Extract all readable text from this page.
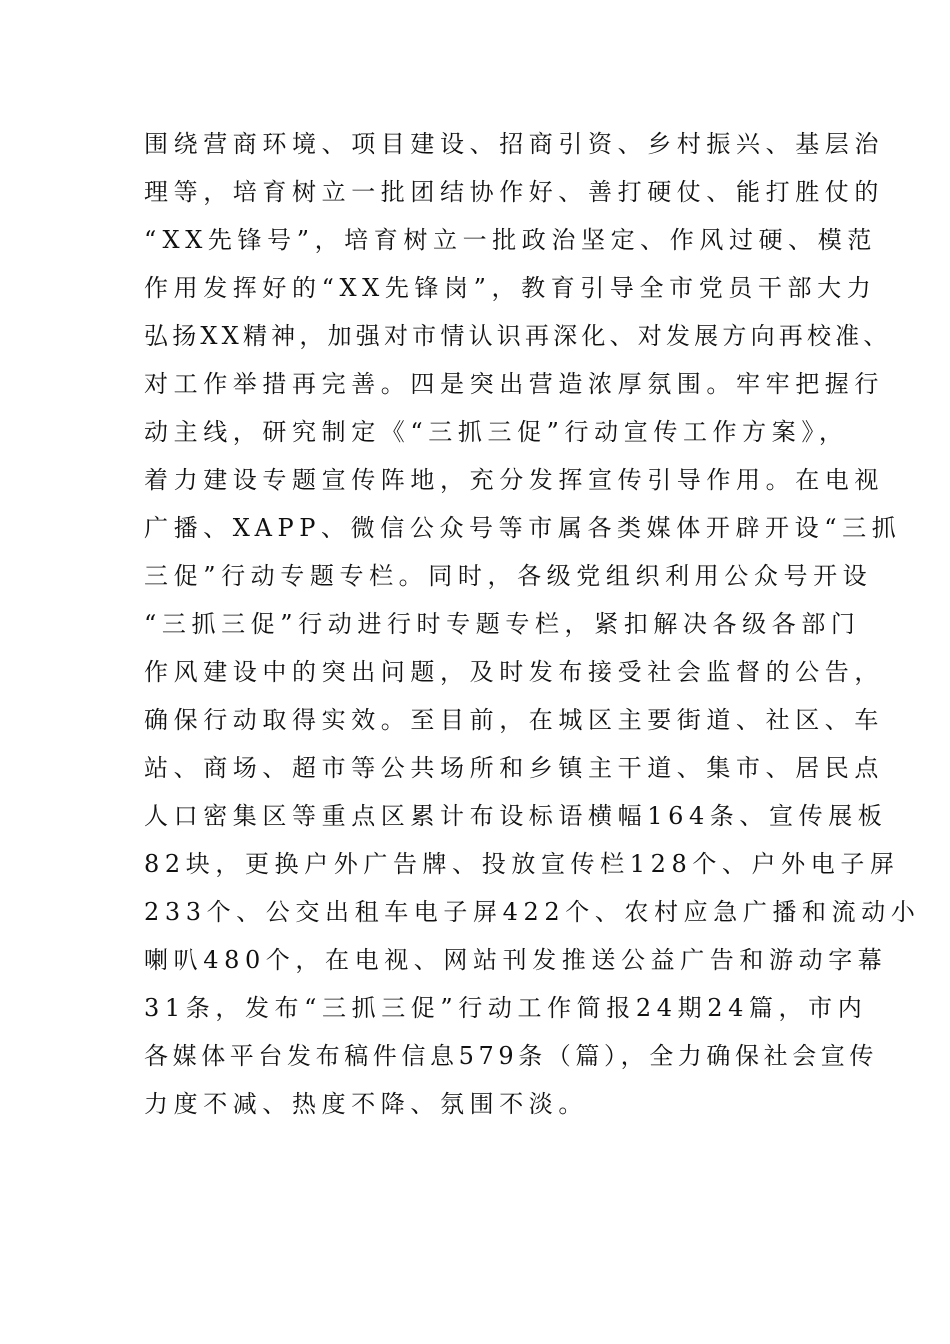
围绕营商环境、项目建设、招商引资、乡村振兴、基层治
理等，培育树立一批团结协作好、善打硬仗、能打胜仗的
“XX先锋号”，培育树立一批政治坚定、作风过硬、模范
作用发挥好的“XX先锋岗”，教育引导全市党员干部大力
弘扬XX精神，加强对市情认识再深化、对发展方向再校准、
对工作举措再完善。四是突出营造浓厚氛围。牢牢把握行
动主线，研究制定《“三抓三促”行动宣传工作方案》，
着力建设专题宣传阵地，充分发挥宣传引导作用。在电视
广播、XAPP、微信公众号等市属各类媒体开辟开设“三抓
三促”行动专题专栏。同时，各级党组织利用公众号开设
“三抓三促”行动进行时专题专栏，紧扣解决各级各部门
作风建设中的突出问题，及时发布接受社会监督的公告，
确保行动取得实效。至目前，在城区主要街道、社区、车
站、商场、超市等公共场所和乡镇主干道、集市、居民点
人口密集区等重点区累计布设标语横幅164条、宣传展板
82块，更换户外广告牌、投放宣传栏128个、户外电子屏
233个、公交出租车电子屏422个、农村应急广播和流动小
喇叭480个，在电视、网站刊发推送公益广告和游动字幕
31条，发布“三抓三促”行动工作简报24期24篇，市内
各媒体平台发布稿件信息579条（篇），全力确保社会宣传
力度不减、热度不降、氛围不淡。
